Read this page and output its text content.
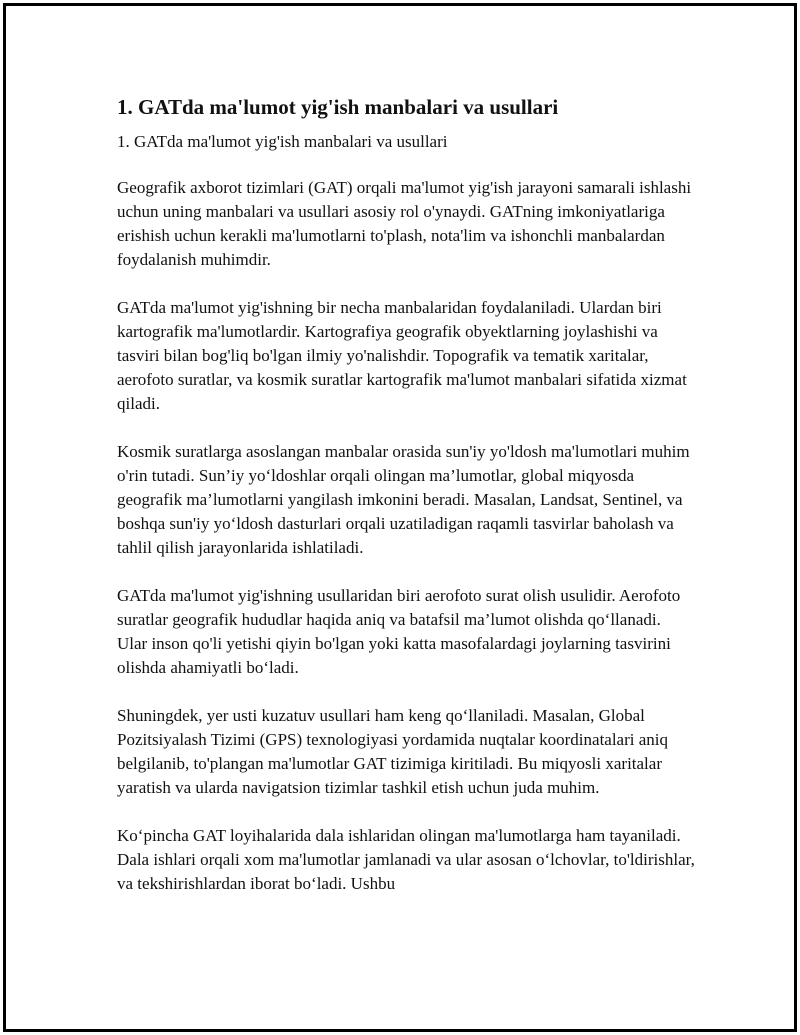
1. GATda ma'lumot yig'ish manbalari va usullari

1. GATda ma'lumot yig'ish manbalari va usullari

Geografik axborot tizimlari (GAT) orqali ma'lumot yig'ish jarayoni samarali ishlashi uchun uning manbalari va usullari asosiy rol o'ynaydi. GATning imkoniyatlariga erishish uchun kerakli ma'lumotlarni to'plash, nota'lim va ishonchli manbalardan foydalanish muhimdir.

GATda ma'lumot yig'ishning bir necha manbalaridan foydalaniladi. Ulardan biri kartografik ma'lumotlardir. Kartografiya geografik obyektlarning joylashishi va tasviri bilan bog'liq bo'lgan ilmiy yo'nalishdir. Topografik va tematik xaritalar, aerofoto suratlar, va kosmik suratlar kartografik ma'lumot manbalari sifatida xizmat qiladi.

Kosmik suratlarga asoslangan manbalar orasida sun'iy yo'ldosh ma'lumotlari muhim o'rin tutadi. Sun’iy yo‘ldoshlar orqali olingan ma’lumotlar, global miqyosda geografik ma’lumotlarni yangilash imkonini beradi. Masalan, Landsat, Sentinel, va boshqa sun'iy yo‘ldosh dasturlari orqali uzatiladigan raqamli tasvirlar baholash va tahlil qilish jarayonlarida ishlatiladi.

GATda ma'lumot yig'ishning usullaridan biri aerofoto surat olish usulidir. Aerofoto suratlar geografik hududlar haqida aniq va batafsil ma’lumot olishda qo‘llanadi. Ular inson qo'li yetishi qiyin bo'lgan yoki katta masofalardagi joylarning tasvirini olishda ahamiyatli bo‘ladi.

Shuningdek, yer usti kuzatuv usullari ham keng qo‘llaniladi. Masalan, Global Pozitsiyalash Tizimi (GPS) texnologiyasi yordamida nuqtalar koordinatalari aniq belgilanib, to'plangan ma'lumotlar GAT tizimiga kiritiladi. Bu miqyosli xaritalar yaratish va ularda navigatsion tizimlar tashkil etish uchun juda muhim.

Ko‘pincha GAT loyihalarida dala ishlaridan olingan ma'lumotlarga ham tayaniladi. Dala ishlari orqali xom ma'lumotlar jamlanadi va ular asosan o‘lchovlar, to'ldirishlar, va tekshirishlardan iborat bo‘ladi. Ushbu
